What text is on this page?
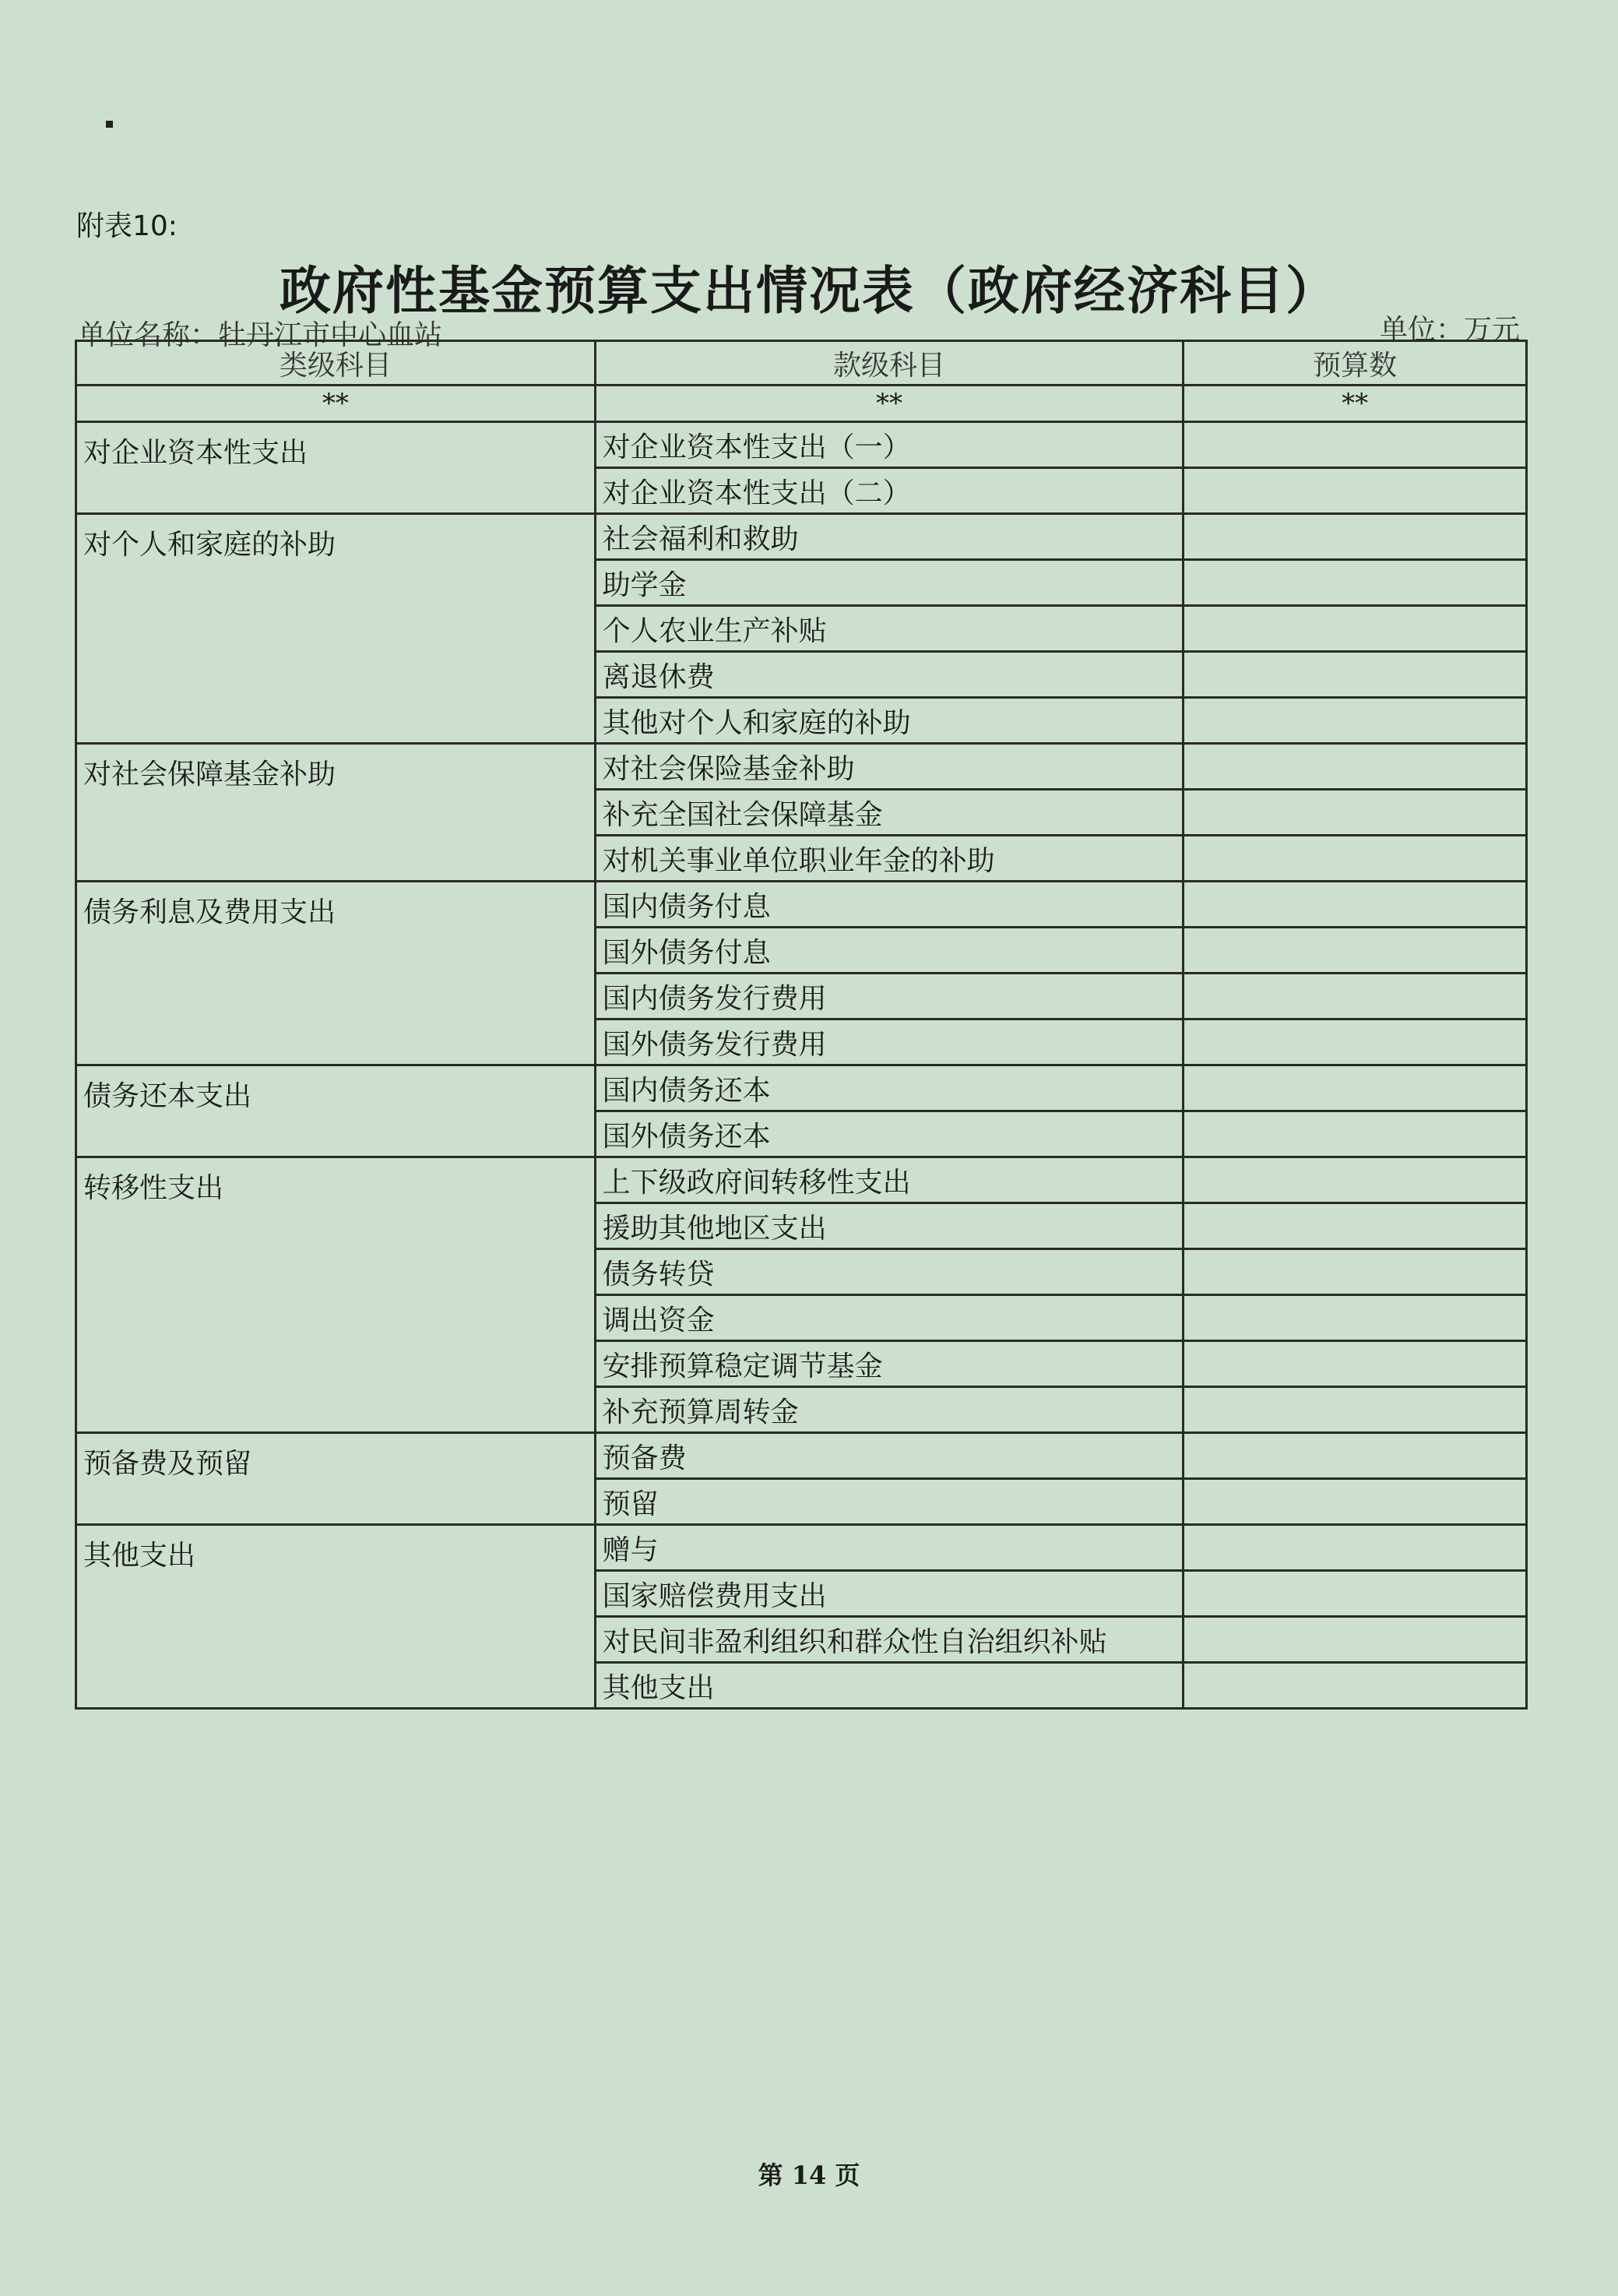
附表10:
政府性基金预算支出情况表（政府经济科目）
单位名称：牡丹江市中心血站	单位：万元
类级科目	款级科目	预算数
**	**	**
对企业资本性支出	对企业资本性支出（一）	
	对企业资本性支出（二）	
对个人和家庭的补助	社会福利和救助	
	助学金	
	个人农业生产补贴	
	离退休费	
	其他对个人和家庭的补助	
对社会保障基金补助	对社会保险基金补助	
	补充全国社会保障基金	
	对机关事业单位职业年金的补助	
债务利息及费用支出	国内债务付息	
	国外债务付息	
	国内债务发行费用	
	国外债务发行费用	
债务还本支出	国内债务还本	
	国外债务还本	
转移性支出	上下级政府间转移性支出	
	援助其他地区支出	
	债务转贷	
	调出资金	
	安排预算稳定调节基金	
	补充预算周转金	
预备费及预留	预备费	
	预留	
其他支出	赠与	
	国家赔偿费用支出	
	对民间非盈利组织和群众性自治组织补贴	
	其他支出	
第 14 页
